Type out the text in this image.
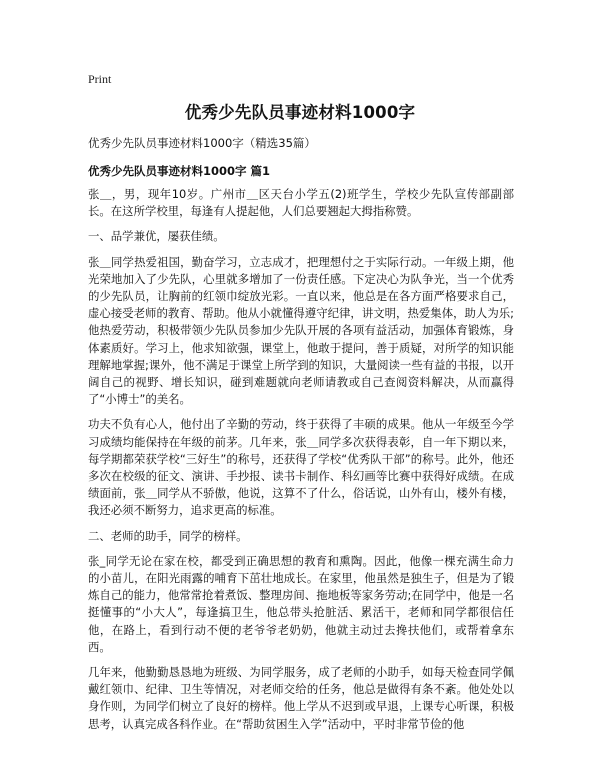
Print
优秀少先队员事迹材料1000字

优秀少先队员事迹材料1000字（精选35篇）

优秀少先队员事迹材料1000字 篇1

张＿，男，现年10岁。广州市＿区天台小学五(2)班学生，学校少先队宣传部副部长。在这所学校里，每逢有人提起他，人们总要翘起大拇指称赞。

一、品学兼优，屡获佳绩。

张＿同学热爱祖国，勤奋学习，立志成才，把理想付之于实际行动。一年级上期，他光荣地加入了少先队，心里就多增加了一份责任感。下定决心为队争光，当一个优秀的少先队员，让胸前的红领巾绽放光彩。一直以来，他总是在各方面严格要求自己，虚心接受老师的教育、帮助。他从小就懂得遵守纪律，讲文明，热爱集体，助人为乐;他热爱劳动，积极带领少先队员参加少先队开展的各项有益活动，加强体育锻炼，身体素质好。学习上，他求知欲强，课堂上，他敢于提问，善于质疑，对所学的知识能理解地掌握;课外，他不满足于课堂上所学到的知识，大量阅读一些有益的书报，以开阔自己的视野、增长知识，碰到难题就向老师请教或自己查阅资料解决，从而赢得了“小博士”的美名。

功夫不负有心人，他付出了辛勤的劳动，终于获得了丰硕的成果。他从一年级至今学习成绩均能保持在年级的前茅。几年来，张＿同学多次获得表彰，自一年下期以来，每学期都荣获学校“三好生”的称号，还获得了学校“优秀队干部”的称号。此外，他还多次在校级的征文、演讲、手抄报、读书卡制作、科幻画等比赛中获得好成绩。在成绩面前，张＿同学从不骄傲，他说，这算不了什么，俗话说，山外有山，楼外有楼，我还必须不断努力，追求更高的标准。

二、老师的助手，同学的榜样。

张_同学无论在家在校，都受到正确思想的教育和熏陶。因此，他像一棵充满生命力的小苗儿，在阳光雨露的哺育下茁壮地成长。在家里，他虽然是独生子，但是为了锻炼自己的能力，他常常抢着煮饭、整理房间、拖地板等家务劳动;在同学中，他是一名挺懂事的“小大人”，每逢搞卫生，他总带头抢脏活、累活干，老师和同学都很信任他，在路上，看到行动不便的老爷爷老奶奶，他就主动过去搀扶他们，或帮着拿东西。

几年来，他勤勤恳恳地为班级、为同学服务，成了老师的小助手，如每天检查同学佩戴红领巾、纪律、卫生等情况，对老师交给的任务，他总是做得有条不紊。他处处以身作则，为同学们树立了良好的榜样。他上学从不迟到或早退，上课专心听课，积极思考，认真完成各科作业。在“帮助贫困生入学”活动中，平时非常节俭的他
